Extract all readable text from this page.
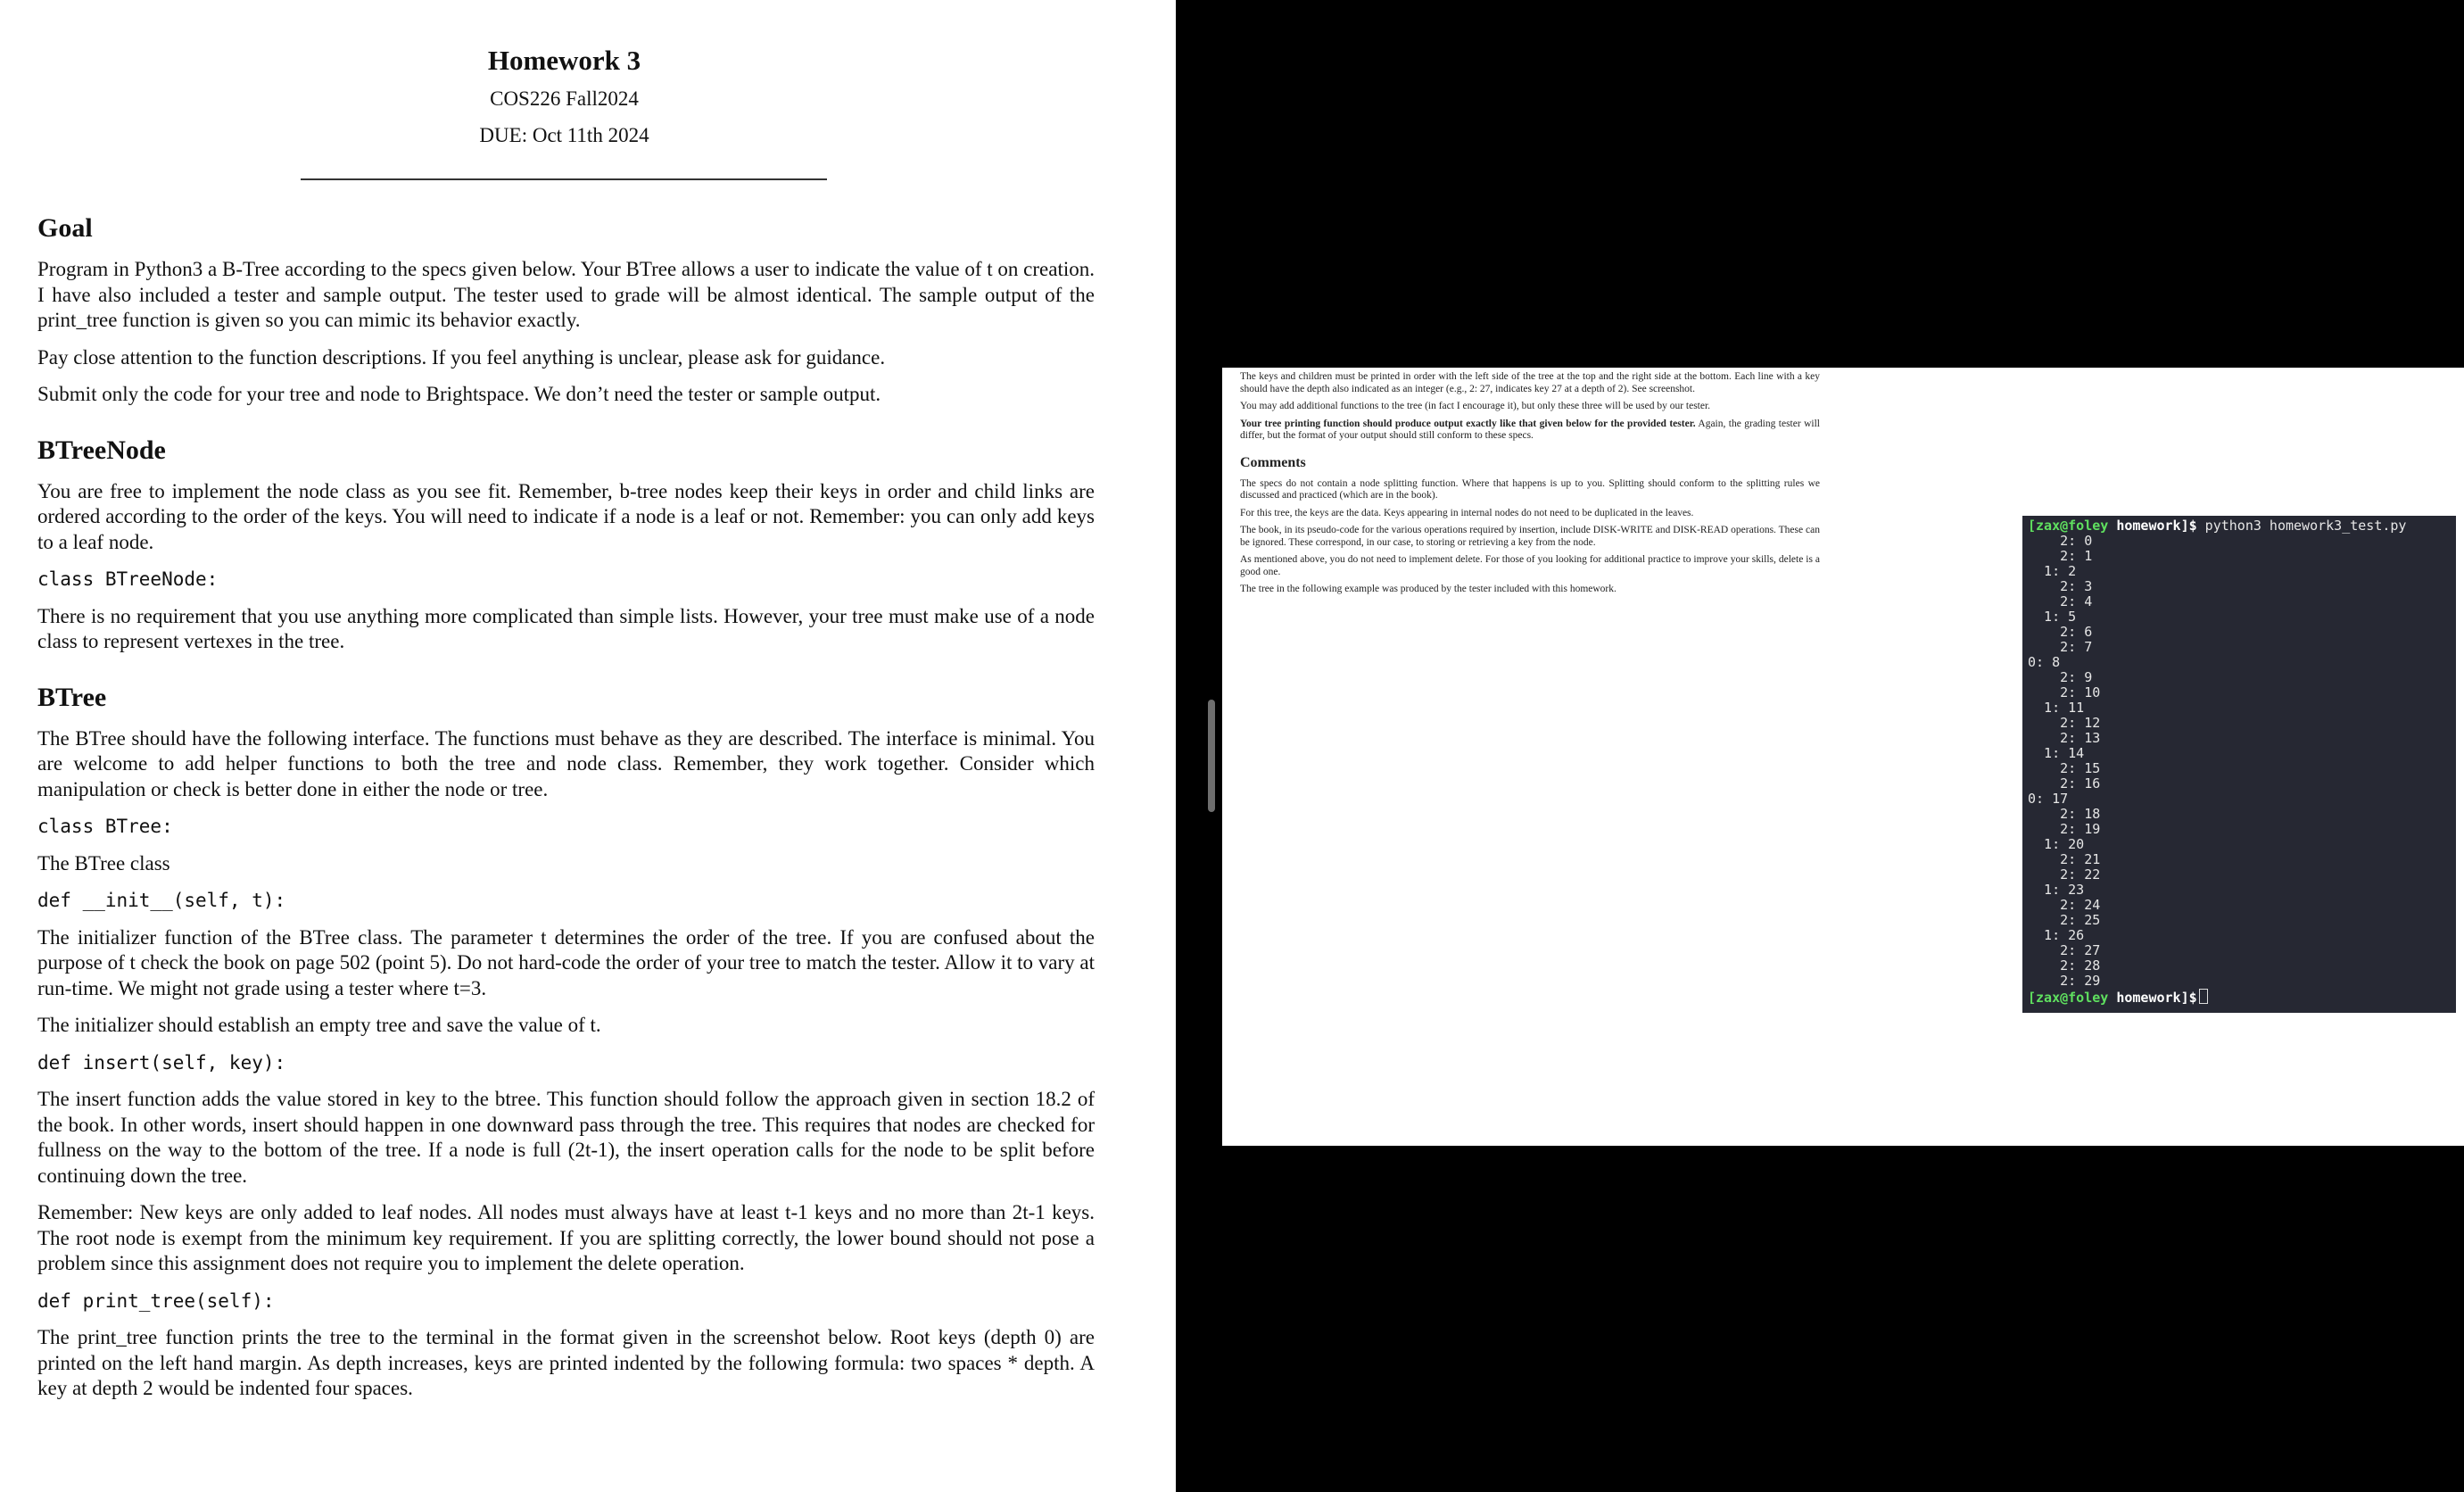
Homework 3
COS226 Fall2024
DUE: Oct 11th 2024
Goal

Program in Python3 a B-Tree according to the specs given below. Your BTree allows a user to indicate the value of t on creation. I have also included a tester and sample output. The tester used to grade will be almost identical. The sample output of the print_tree function is given so you can mimic its behavior exactly.

Pay close attention to the function descriptions. If you feel anything is unclear, please ask for guidance.

Submit only the code for your tree and node to Brightspace. We don’t need the tester or sample output.

BTreeNode

You are free to implement the node class as you see fit. Remember, b-tree nodes keep their keys in order and child links are ordered according to the order of the keys. You will need to indicate if a node is a leaf or not. Remember: you can only add keys to a leaf node.

class BTreeNode:

There is no requirement that you use anything more complicated than simple lists. However, your tree must make use of a node class to represent vertexes in the tree.

BTree

The BTree should have the following interface. The functions must behave as they are described. The interface is minimal. You are welcome to add helper functions to both the tree and node class. Remember, they work together. Consider which manipulation or check is better done in either the node or tree.

class BTree:

The BTree class

def __init__(self, t):

The initializer function of the BTree class. The parameter t determines the order of the tree. If you are confused about the purpose of t check the book on page 502 (point 5). Do not hard-code the order of your tree to match the tester. Allow it to vary at run-time. We might not grade using a tester where t=3.

The initializer should establish an empty tree and save the value of t.

def insert(self, key):

The insert function adds the value stored in key to the btree. This function should follow the approach given in section 18.2 of the book. In other words, insert should happen in one downward pass through the tree. This requires that nodes are checked for fullness on the way to the bottom of the tree. If a node is full (2t-1), the insert operation calls for the node to be split before continuing down the tree.

Remember: New keys are only added to leaf nodes. All nodes must always have at least t-1 keys and no more than 2t-1 keys. The root node is exempt from the minimum key requirement. If you are splitting correctly, the lower bound should not pose a problem since this assignment does not require you to implement the delete operation.

def print_tree(self):

The print_tree function prints the tree to the terminal in the format given in the screenshot below. Root keys (depth 0) are printed on the left hand margin. As depth increases, keys are printed indented by the following formula: two spaces * depth. A key at depth 2 would be indented four spaces.

The keys and children must be printed in order with the left side of the tree at the top and the right side at the bottom. Each line with a key should have the depth also indicated as an integer (e.g., 2: 27, indicates key 27 at a depth of 2). See screenshot.

You may add additional functions to the tree (in fact I encourage it), but only these three will be used by our tester.

Your tree printing function should produce output exactly like that given below for the provided tester. Again, the grading tester will differ, but the format of your output should still conform to these specs.

Comments

The specs do not contain a node splitting function. Where that happens is up to you. Splitting should conform to the splitting rules we discussed and practiced (which are in the book).

For this tree, the keys are the data. Keys appearing in internal nodes do not need to be duplicated in the leaves.

The book, in its pseudo-code for the various operations required by insertion, include DISK-WRITE and DISK-READ operations. These can be ignored. These correspond, in our case, to storing or retrieving a key from the node.

As mentioned above, you do not need to implement delete. For those of you looking for additional practice to improve your skills, delete is a good one.

The tree in the following example was produced by the tester included with this homework.

[zax@foley homework]$ python3 homework3_test.py
2: 0
2: 1
1: 2
2: 3
2: 4
1: 5
2: 6
2: 7
0: 8
2: 9
2: 10
1: 11
2: 12
2: 13
1: 14
2: 15
2: 16
0: 17
2: 18
2: 19
1: 20
2: 21
2: 22
1: 23
2: 24
2: 25
1: 26
2: 27
2: 28
2: 29
[zax@foley homework]$
